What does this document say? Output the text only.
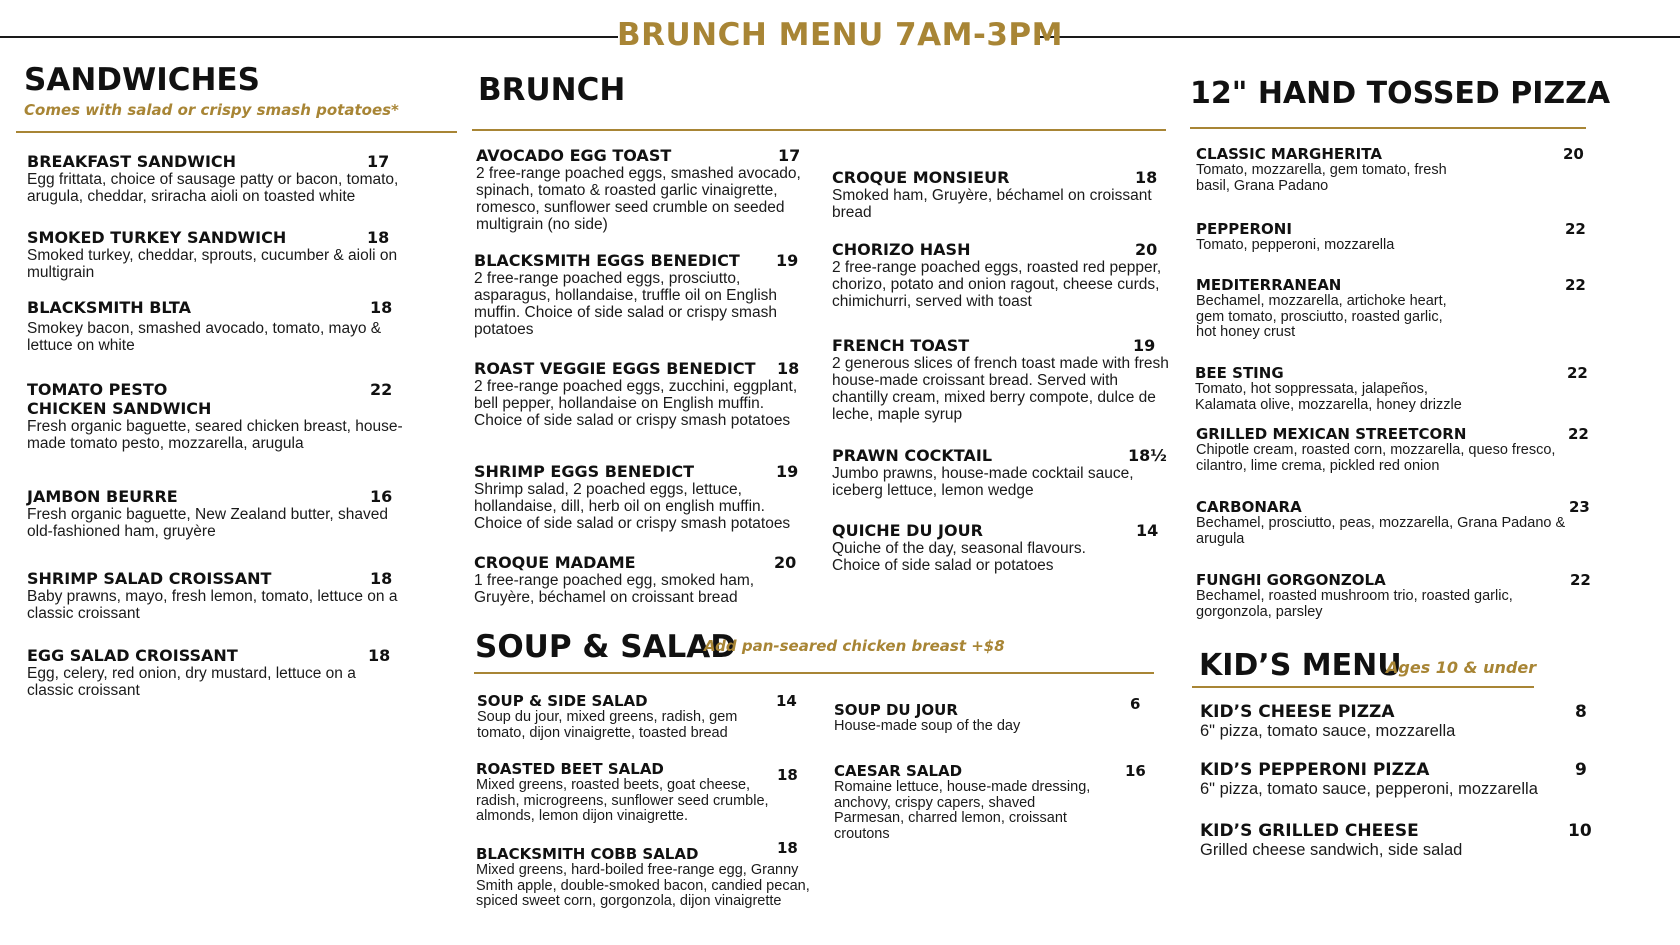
BRUNCH MENU 7AM-3PM
SANDWICHES
Comes with salad or crispy smash potatoes*
BREAKFAST SANDWICH	17
Egg frittata, choice of sausage patty or bacon, tomato, arugula, cheddar, sriracha aioli on toasted white
SMOKED TURKEY SANDWICH	18
Smoked turkey, cheddar, sprouts, cucumber & aioli on multigrain
BLACKSMITH BLTA	18
Smokey bacon, smashed avocado, tomato, mayo & lettuce on white
TOMATO PESTO CHICKEN SANDWICH
22
Fresh organic baguette, seared chicken breast, house-made tomato pesto, mozzarella, arugula
JAMBON BEURRE	16
Fresh organic baguette, New Zealand butter, shaved old-fashioned ham, gruyère
SHRIMP SALAD CROISSANT	18
Baby prawns, mayo, fresh lemon, tomato, lettuce on a classic croissant
EGG SALAD CROISSANT	18
Egg, celery, red onion, dry mustard, lettuce on a classic croissant
BRUNCH
AVOCADO EGG TOAST	17
2 free-range poached eggs, smashed avocado, spinach, tomato & roasted garlic vinaigrette, romesco, sunflower seed crumble on seeded multigrain (no side)
BLACKSMITH EGGS BENEDICT	19
2 free-range poached eggs, prosciutto, asparagus, hollandaise, truffle oil on English muffin. Choice of side salad or crispy smash potatoes
ROAST VEGGIE EGGS BENEDICT	18
2 free-range poached eggs, zucchini, eggplant, bell pepper, hollandaise on English muffin. Choice of side salad or crispy smash potatoes
SHRIMP EGGS BENEDICT	19
Shrimp salad, 2 poached eggs, lettuce, hollandaise, dill, herb oil on english muffin. Choice of side salad or crispy smash potatoes
CROQUE MADAME	20
1 free-range poached egg, smoked ham, Gruyère, béchamel on croissant bread
CROQUE MONSIEUR	18
Smoked ham, Gruyère, béchamel on croissant bread
CHORIZO HASH	20
2 free-range poached eggs, roasted red pepper, chorizo, potato and onion ragout, cheese curds, chimichurri, served with toast
FRENCH TOAST	19
2 generous slices of french toast made with fresh house-made croissant bread. Served with chantilly cream, mixed berry compote, dulce de leche, maple syrup
PRAWN COCKTAIL	18½
Jumbo prawns, house-made cocktail sauce, iceberg lettuce, lemon wedge
QUICHE DU JOUR	14
Quiche of the day, seasonal flavours. Choice of side salad or potatoes
SOUP & SALAD
Add pan-seared chicken breast +$8
SOUP & SIDE SALAD	14
Soup du jour, mixed greens, radish, gem tomato, dijon vinaigrette, toasted bread
ROASTED BEET SALAD	18
Mixed greens, roasted beets, goat cheese, radish, microgreens, sunflower seed crumble, almonds, lemon dijon vinaigrette.
BLACKSMITH COBB SALAD	18
Mixed greens, hard-boiled free-range egg, Granny Smith apple, double-smoked bacon, candied pecan, spiced sweet corn, gorgonzola, dijon vinaigrette
SOUP DU JOUR	6
House-made soup of the day
CAESAR SALAD	16
Romaine lettuce, house-made dressing, anchovy, crispy capers, shaved Parmesan, charred lemon, croissant croutons
12" HAND TOSSED PIZZA
CLASSIC MARGHERITA	20
Tomato, mozzarella, gem tomato, fresh basil, Grana Padano
PEPPERONI	22
Tomato, pepperoni, mozzarella
MEDITERRANEAN	22
Bechamel, mozzarella, artichoke heart, gem tomato, prosciutto, roasted garlic, hot honey crust
BEE STING	22
Tomato, hot soppressata, jalapeños, Kalamata olive, mozzarella, honey drizzle
GRILLED MEXICAN STREETCORN	22
Chipotle cream, roasted corn, mozzarella, queso fresco, cilantro, lime crema, pickled red onion
CARBONARA	23
Bechamel, prosciutto, peas, mozzarella, Grana Padano & arugula
FUNGHI GORGONZOLA	22
Bechamel, roasted mushroom trio, roasted garlic, gorgonzola, parsley
KID’S MENU
Ages 10 & under
KID’S CHEESE PIZZA	8
6" pizza, tomato sauce, mozzarella
KID’S PEPPERONI PIZZA	9
6" pizza, tomato sauce, pepperoni, mozzarella
KID’S GRILLED CHEESE	10
Grilled cheese sandwich, side salad
